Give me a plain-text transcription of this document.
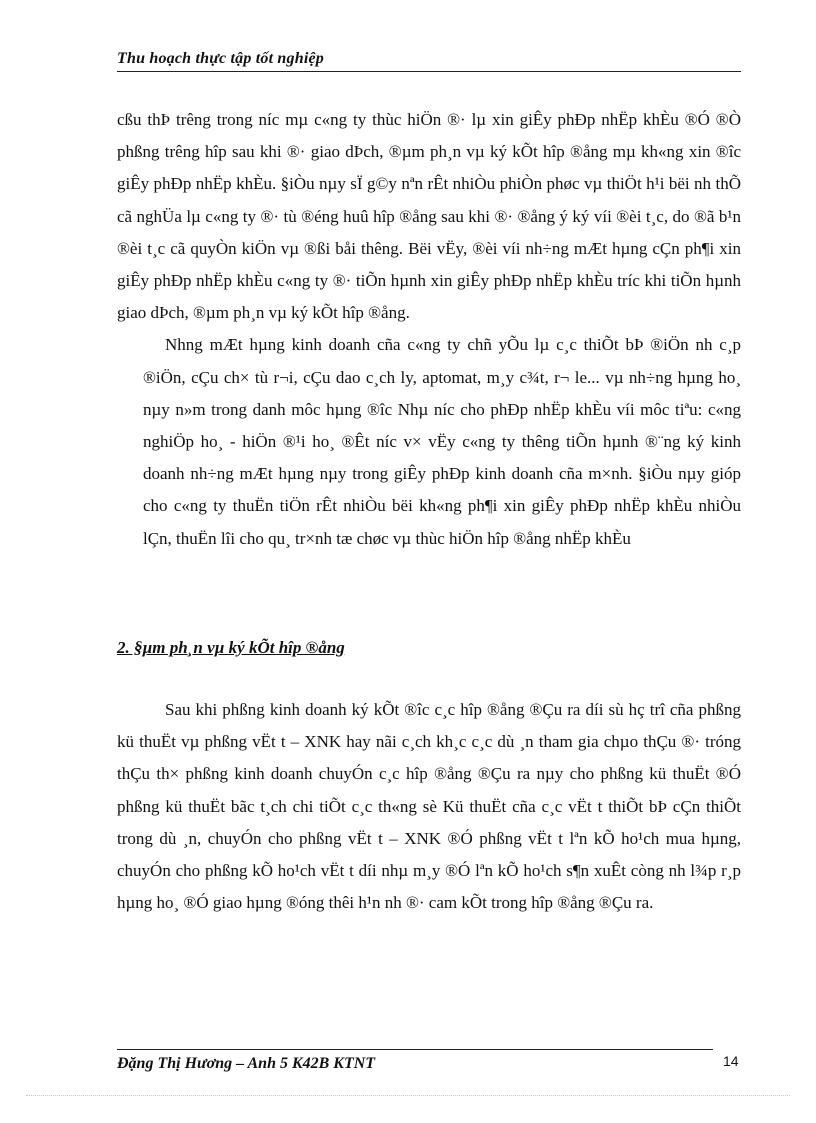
Thu hoạch thực tập tốt nghiệp

cßu thÞ trêng trong níc mµ c«ng ty thùc hiÖn ®· lµ xin giÊy phÐp nhËp khÈu ®Ó ®Ò phßng trêng hîp sau khi ®· giao dÞch, ®µm ph¸n vµ ký kÕt hîp ®ång mµ kh«ng xin ®îc giÊy phÐp nhËp khÈu. §iÒu nµy sÏ g©y nªn rÊt nhiÒu phiÒn phøc vµ thiÖt h¹i bëi nh thÕ cã nghÜa lµ c«ng ty ®· tù ®éng huû hîp ®ång sau khi ®· ®ång ý ký víi ®èi t¸c, do ®ã b¹n ®èi t¸c cã quyÒn kiÖn vµ ®ßi båi thêng. Bëi vËy, ®èi víi nh÷ng mÆt hµng cÇn ph¶i xin giÊy phÐp nhËp khÈu c«ng ty ®· tiÕn hµnh xin giÊy phÐp nhËp khÈu tríc khi tiÕn hµnh giao dÞch, ®µm ph¸n vµ ký kÕt hîp ®ång.

Nhng mÆt hµng kinh doanh cña c«ng ty chñ yÕu lµ c¸c thiÕt bÞ ®iÖn nh c¸p ®iÖn, cÇu ch× tù r¬i, cÇu dao c¸ch ly, aptomat, m¸y c¾t, r¬ le... vµ nh÷ng hµng ho¸ nµy n»m trong danh môc hµng ®îc Nhµ níc cho phÐp nhËp khÈu víi môc tiªu: c«ng nghiÖp ho¸ - hiÖn ®¹i ho¸ ®Êt níc v× vËy c«ng ty thêng tiÕn hµnh ®¨ng ký kinh doanh nh÷ng mÆt hµng nµy trong giÊy phÐp kinh doanh cña m×nh. §iÒu nµy gióp cho c«ng ty thuËn tiÖn rÊt nhiÒu bëi kh«ng ph¶i xin giÊy phÐp nhËp khÈu nhiÒu lÇn, thuËn lîi cho qu¸ tr×nh tæ chøc vµ thùc hiÖn hîp ®ång nhËp khÈu

2. §µm ph¸n vµ ký kÕt hîp ®ång

Sau khi phßng kinh doanh ký kÕt ®îc c¸c hîp ®ång ®Çu ra díi sù hç trî cña phßng kü thuËt vµ phßng vËt t – XNK hay nãi c¸ch kh¸c c¸c dù ¸n tham gia chµo thÇu ®· tróng thÇu th× phßng kinh doanh chuyÓn c¸c hîp ®ång ®Çu ra nµy cho phßng kü thuËt ®Ó phßng kü thuËt bãc t¸ch chi tiÕt c¸c th«ng sè Kü thuËt cña c¸c vËt t thiÕt bÞ cÇn thiÕt trong dù ¸n, chuyÓn cho phßng vËt t – XNK ®Ó phßng vËt t lªn kÕ ho¹ch mua hµng, chuyÓn cho phßng kÕ ho¹ch vËt t díi nhµ m¸y ®Ó lªn kÕ ho¹ch s¶n xuÊt còng nh l¾p r¸p hµng ho¸ ®Ó giao hµng ®óng thêi h¹n nh ®· cam kÕt trong hîp ®ång ®Çu ra.

Đặng Thị Hương – Anh 5 K42B KTNT	14
